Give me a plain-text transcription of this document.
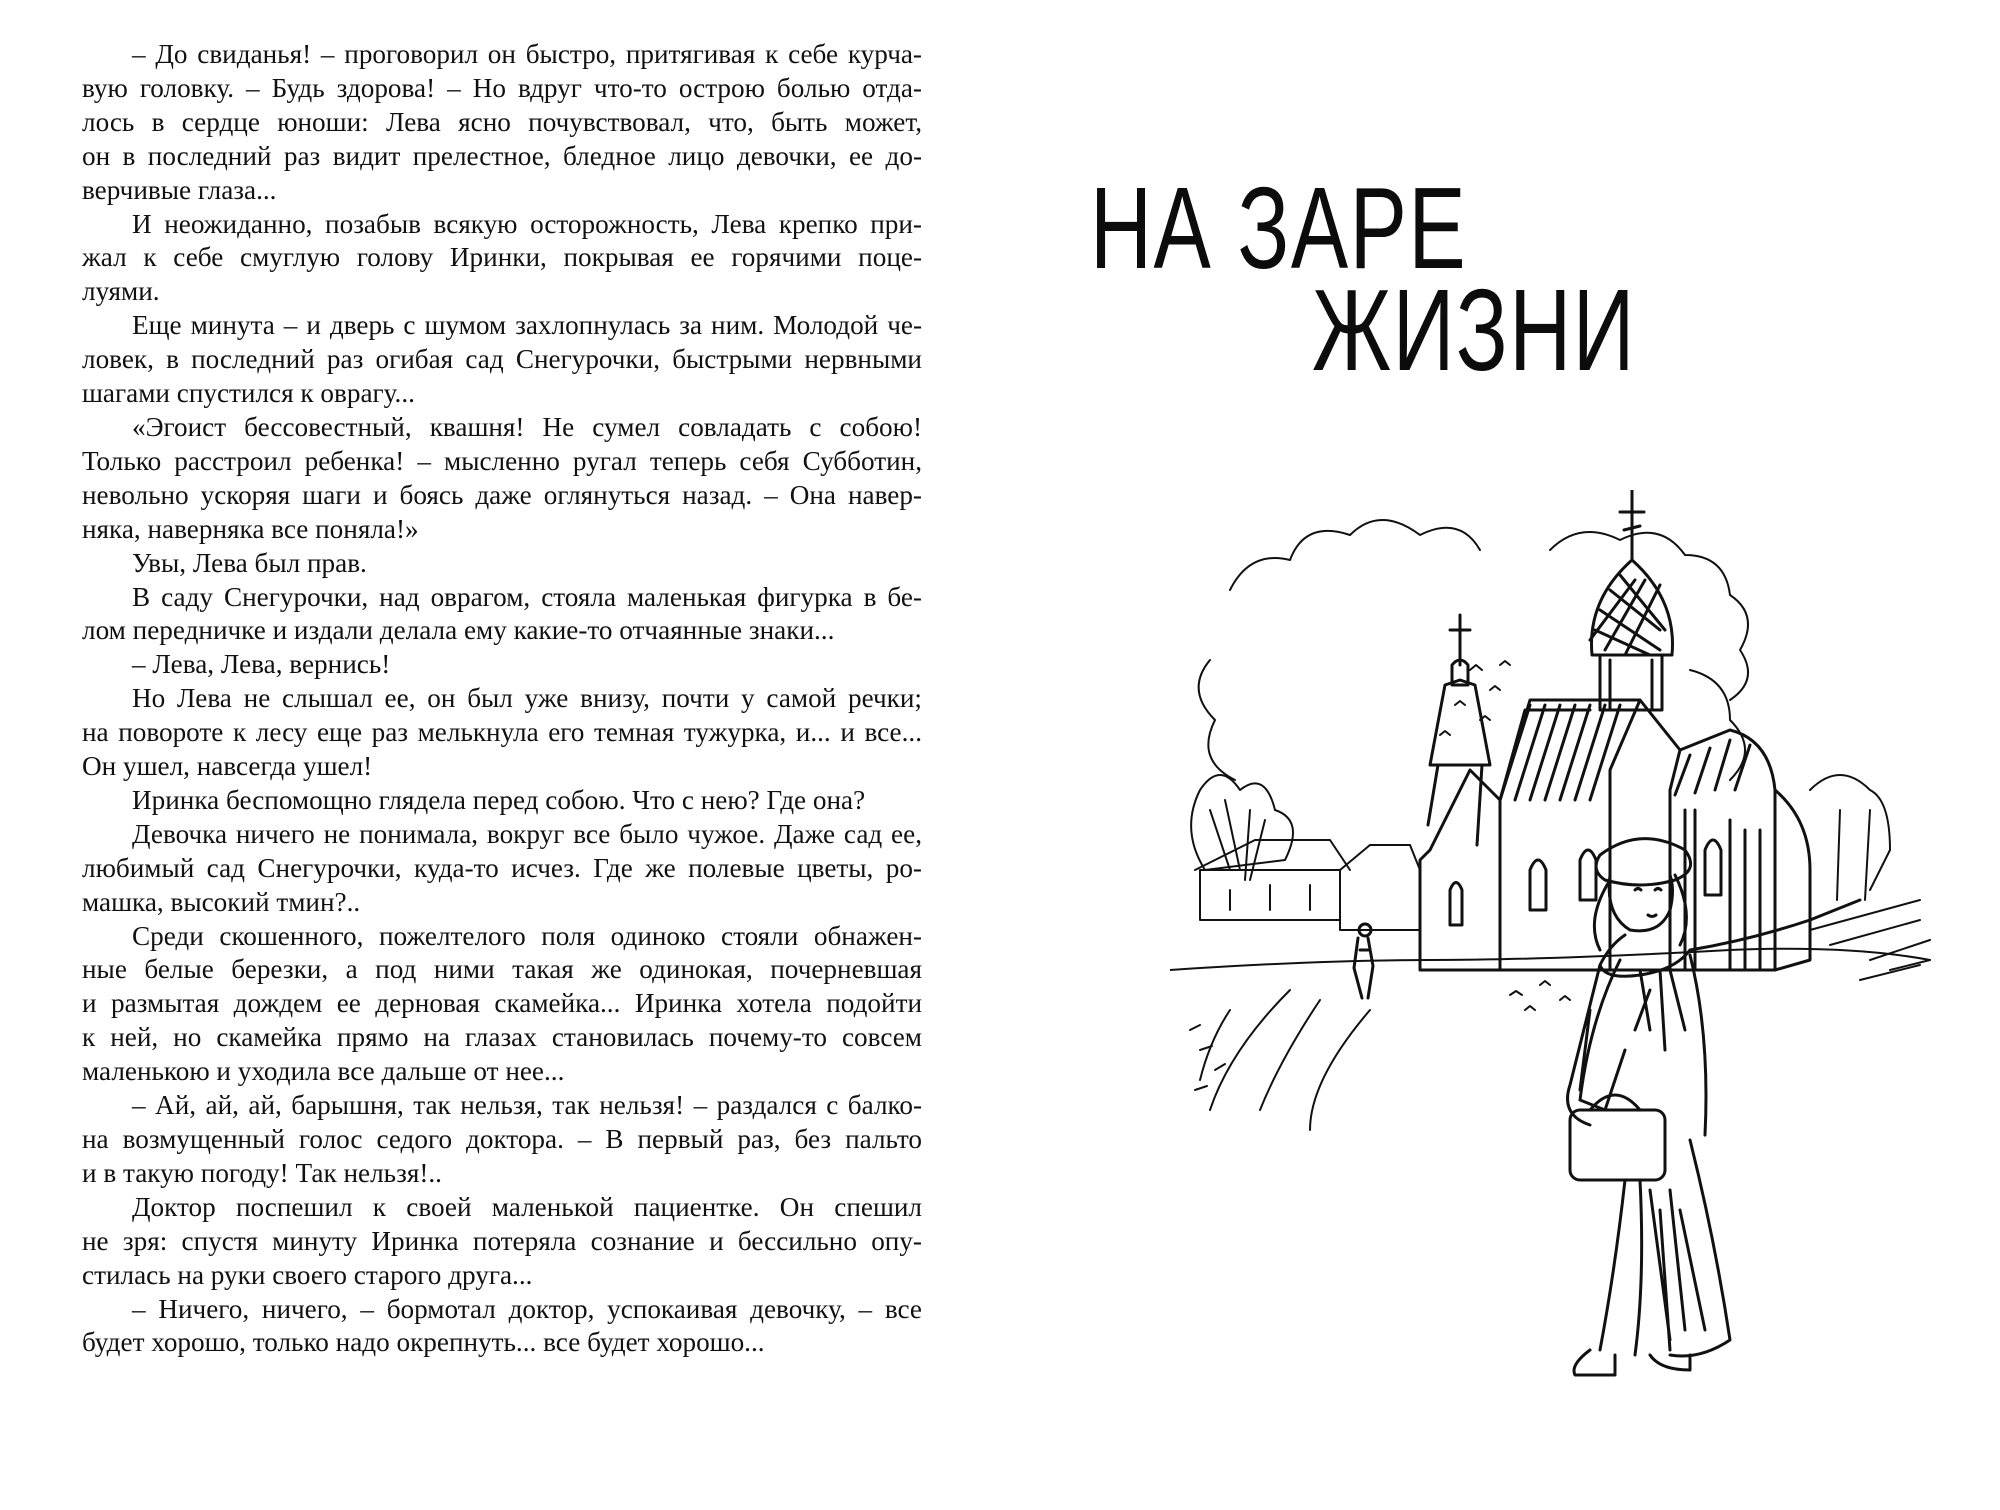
– До свиданья! – проговорил он быстро, притягивая к себе курча-
вую головку. – Будь здорова! – Но вдруг что-то острою болью отда-
лось в сердце юноши: Лева ясно почувствовал, что, быть может,
он в последний раз видит прелестное, бледное лицо девочки, ее до-
верчивые глаза...

И неожиданно, позабыв всякую осторожность, Лева крепко при-
жал к себе смуглую голову Иринки, покрывая ее горячими поце-
луями.

Еще минута – и дверь с шумом захлопнулась за ним. Молодой че-
ловек, в последний раз огибая сад Снегурочки, быстрыми нервными
шагами спустился к оврагу...

«Эгоист бессовестный, квашня! Не сумел совладать с собою!
Только расстроил ребенка! – мысленно ругал теперь себя Субботин,
невольно ускоряя шаги и боясь даже оглянуться назад. – Она навер-
няка, наверняка все поняла!»

Увы, Лева был прав.

В саду Снегурочки, над оврагом, стояла маленькая фигурка в бе-
лом передничке и издали делала ему какие-то отчаянные знаки...

– Лева, Лева, вернись!

Но Лева не слышал ее, он был уже внизу, почти у самой речки;
на повороте к лесу еще раз мелькнула его темная тужурка, и... и все...
Он ушел, навсегда ушел!

Иринка беспомощно глядела перед собою. Что с нею? Где она?

Девочка ничего не понимала, вокруг все было чужое. Даже сад ее,
любимый сад Снегурочки, куда-то исчез. Где же полевые цветы, ро-
машка, высокий тмин?..

Среди скошенного, пожелтелого поля одиноко стояли обнажен-
ные белые березки, а под ними такая же одинокая, почерневшая
и размытая дождем ее дерновая скамейка... Иринка хотела подойти
к ней, но скамейка прямо на глазах становилась почему-то совсем
маленькою и уходила все дальше от нее...

– Ай, ай, ай, барышня, так нельзя, так нельзя! – раздался с балко-
на возмущенный голос седого доктора. – В первый раз, без пальто
и в такую погоду! Так нельзя!..

Доктор поспешил к своей маленькой пациентке. Он спешил
не зря: спустя минуту Иринка потеряла сознание и бессильно опу-
стилась на руки своего старого друга...

– Ничего, ничего, – бормотал доктор, успокаивая девочку, – все
будет хорошо, только надо окрепнуть... все будет хорошо...

НА ЗАРЕ
ЖИЗНИ
